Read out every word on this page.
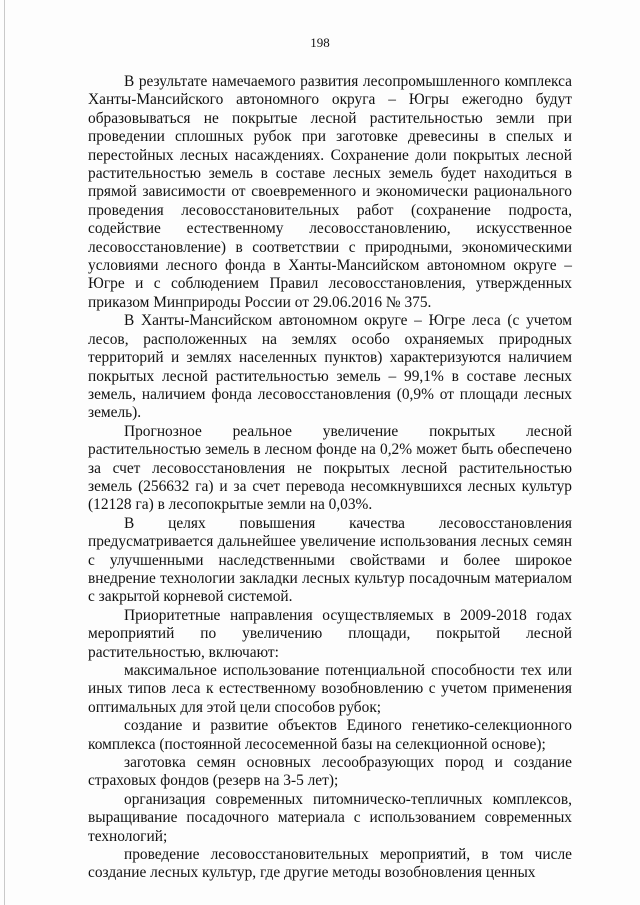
198

В результате намечаемого развития лесопромышленного комплекса Ханты-Мансийского автономного округа – Югры ежегодно будут образовываться не покрытые лесной растительностью земли при проведении сплошных рубок при заготовке древесины в спелых и перестойных лесных насаждениях. Сохранение доли покрытых лесной растительностью земель в составе лесных земель будет находиться в прямой зависимости от своевременного и экономически рационального проведения лесовосстановительных работ (сохранение подроста, содействие естественному лесовосстановлению, искусственное лесовосстановление) в соответствии с природными, экономическими условиями лесного фонда в Ханты-Мансийском автономном округе – Югре и с соблюдением Правил лесовосстановления, утвержденных приказом Минприроды России от 29.06.2016 № 375.

В Ханты-Мансийском автономном округе – Югре леса (с учетом лесов, расположенных на землях особо охраняемых природных территорий и землях населенных пунктов) характеризуются наличием покрытых лесной растительностью земель – 99,1% в составе лесных земель, наличием фонда лесовосстановления (0,9% от площади лесных земель).

Прогнозное реальное увеличение покрытых лесной растительностью земель в лесном фонде на 0,2% может быть обеспечено за счет лесовосстановления не покрытых лесной растительностью земель (256632 га) и за счет перевода несомкнувшихся лесных культур (12128 га) в лесопокрытые земли на 0,03%.

В целях повышения качества лесовосстановления предусматривается дальнейшее увеличение использования лесных семян с улучшенными наследственными свойствами и более широкое внедрение технологии закладки лесных культур посадочным материалом с закрытой корневой системой.

Приоритетные направления осуществляемых в 2009-2018 годах мероприятий по увеличению площади, покрытой лесной растительностью, включают:

максимальное использование потенциальной способности тех или иных типов леса к естественному возобновлению с учетом применения оптимальных для этой цели способов рубок;

создание и развитие объектов Единого генетико-селекционного комплекса (постоянной лесосеменной базы на селекционной основе);

заготовка семян основных лесообразующих пород и создание страховых фондов (резерв на 3-5 лет);

организация современных питомническо-тепличных комплексов, выращивание посадочного материала с использованием современных технологий;

проведение лесовосстановительных мероприятий, в том числе создание лесных культур, где другие методы возобновления ценных
